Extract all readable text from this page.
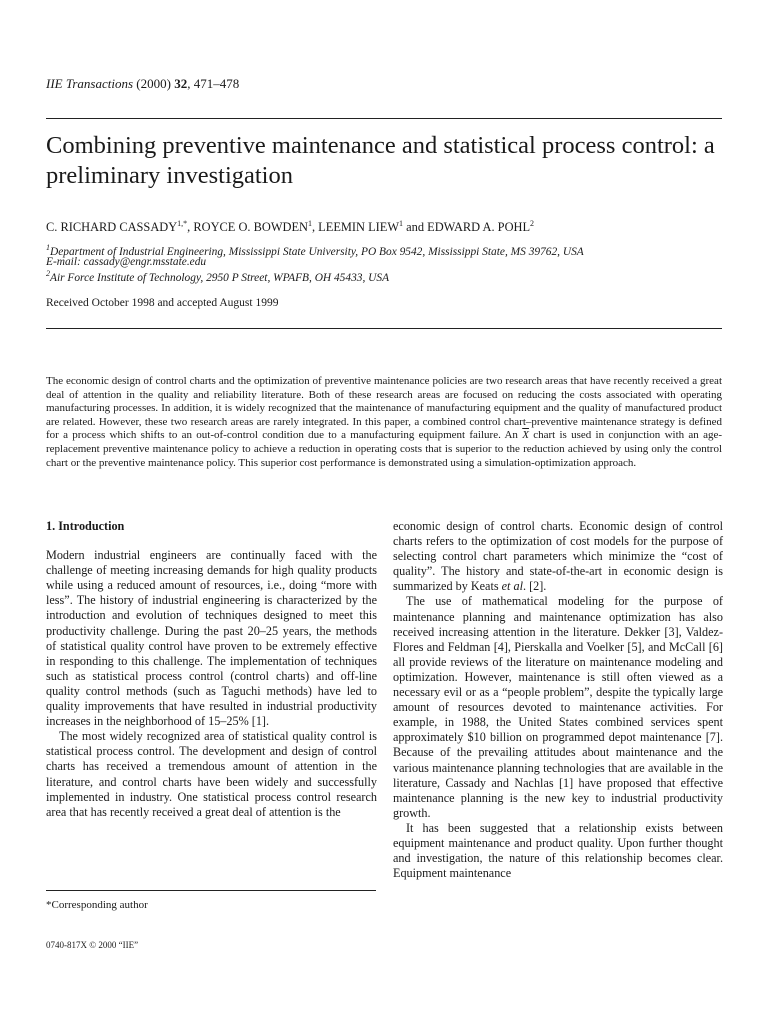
IIE Transactions (2000) 32, 471–478
Combining preventive maintenance and statistical process control: a preliminary investigation
C. RICHARD $CASSADY^{1,*}$, ROYCE O. BOWDEN$^1$, LEEMIN LIEW$^1$ and EDWARD A. POHL$^2$
$^1$Department of Industrial Engineering, Mississippi State University, PO Box 9542, Mississippi State, MS 39762, USA
E-mail: cassady@engr.msstate.edu
$^2$Air Force Institute of Technology, 2950 P Street, WPAFB, OH 45433, USA
Received October 1998 and accepted August 1999
The economic design of control charts and the optimization of preventive maintenance policies are two research areas that have recently received a great deal of attention in the quality and reliability literature. Both of these research areas are focused on reducing the costs associated with operating manufacturing processes. In addition, it is widely recognized that the maintenance of manufacturing equipment and the quality of manufactured product are related. However, these two research areas are rarely integrated. In this paper, a combined control chart–preventive maintenance strategy is defined for a process which shifts to an out-of-control condition due to a manufacturing equipment failure. An $\overline{X}$ chart is used in conjunction with an age-replacement preventive maintenance policy to achieve a reduction in operating costs that is superior to the reduction achieved by using only the control chart or the preventive maintenance policy. This superior cost performance is demonstrated using a simulation-optimization approach.

1. Introduction

Modern industrial engineers are continually faced with the challenge of meeting increasing demands for high quality products while using a reduced amount of resources, i.e., doing “more with less”. The history of industrial engineering is characterized by the introduction and evolution of techniques designed to meet this productivity challenge. During the past 20–25 years, the methods of statistical quality control have proven to be extremely effective in responding to this challenge. The implementation of techniques such as statistical process control (control charts) and off-line quality control methods (such as Taguchi methods) have led to quality improvements that have resulted in industrial productivity increases in the neighborhood of 15–25% [1].

The most widely recognized area of statistical quality control is statistical process control. The development and design of control charts has received a tremendous amount of attention in the literature, and control charts have been widely and successfully implemented in industry. One statistical process control research area that has recently received a great deal of attention is the

economic design of control charts. Economic design of control charts refers to the optimization of cost models for the purpose of selecting control chart parameters which minimize the “cost of quality”. The history and state-of-the-art in economic design is summarized by Keats et al. [2].

The use of mathematical modeling for the purpose of maintenance planning and maintenance optimization has also received increasing attention in the literature. Dekker [3], Valdez-Flores and Feldman [4], Pierskalla and Voelker [5], and McCall [6] all provide reviews of the literature on maintenance modeling and optimization. However, maintenance is still often viewed as a necessary evil or as a “people problem”, despite the typically large amount of resources devoted to maintenance activities. For example, in 1988, the United States combined services spent approximately $10 billion on programmed depot maintenance [7]. Because of the prevailing attitudes about maintenance and the various maintenance planning technologies that are available in the literature, Cassady and Nachlas [1] have proposed that effective maintenance planning is the new key to industrial productivity growth.

It has been suggested that a relationship exists between equipment maintenance and product quality. Upon further thought and investigation, the nature of this relationship becomes clear. Equipment maintenance

*Corresponding author
0740-817X © 2000 “IIE”
